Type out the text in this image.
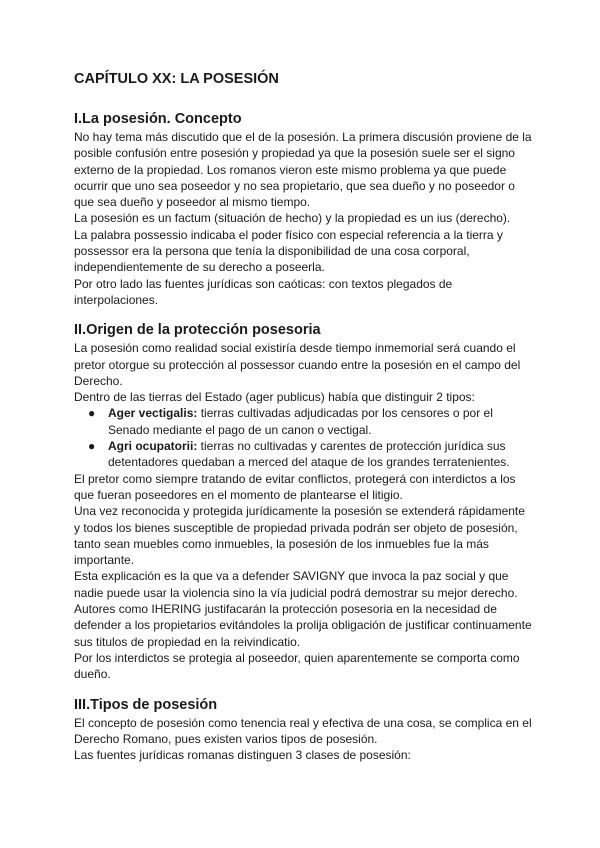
CAPÍTULO XX: LA POSESIÓN
I.La posesión. Concepto

No hay tema más discutido que el de la posesión. La primera discusión proviene de la posible confusión entre posesión y propiedad ya que la posesión suele ser el signo externo de la propiedad. Los romanos vieron este mismo problema ya que puede ocurrir que uno sea poseedor y no sea propietario, que sea dueño y no poseedor o que sea dueño y poseedor al mismo tiempo.

La posesión es un factum (situación de hecho) y la propiedad es un ius (derecho).

La palabra possessio indicaba el poder físico con especial referencia a la tierra y possessor era la persona que tenía la disponibilidad de una cosa corporal, independientemente de su derecho a poseerla.

Por otro lado las fuentes jurídicas son caóticas: con textos plegados de interpolaciones.

II.Origen de la protección posesoria

La posesión como realidad social existiría desde tiempo inmemorial será cuando el pretor otorgue su protección al possessor cuando entre la posesión en el campo del Derecho.

Dentro de las tierras del Estado (ager publicus) había que distinguir 2 tipos:

● Ager vectigalis: tierras cultivadas adjudicadas por los censores o por el Senado mediante el pago de un canon o vectigal.
● Agri ocupatorii: tierras no cultivadas y carentes de protección jurídica sus detentadores quedaban a merced del ataque de los grandes terratenientes.

El pretor como siempre tratando de evitar conflictos, protegerá con interdictos a los que fueran poseedores en el momento de plantearse el litigio.

Una vez reconocida y protegida jurídicamente la posesión se extenderá rápidamente y todos los bienes susceptible de propiedad privada podrán ser objeto de posesión, tanto sean muebles como inmuebles, la posesión de los inmuebles fue la más importante.

Esta explicación es la que va a defender SAVIGNY que invoca la paz social y que nadie puede usar la violencia sino la vía judicial podrá demostrar su mejor derecho.

Autores como IHERING justifacarán la protección posesoria en la necesidad de defender a los propietarios evitándoles la prolija obligación de justificar continuamente sus titulos de propiedad en la reivindicatio.

Por los interdictos se protegia al poseedor, quien aparentemente se comporta como dueño.

III.Tipos de posesión

El concepto de posesión como tenencia real y efectiva de una cosa, se complica en el Derecho Romano, pues existen varios tipos de posesión.

Las fuentes jurídicas romanas distinguen 3 clases de posesión:
